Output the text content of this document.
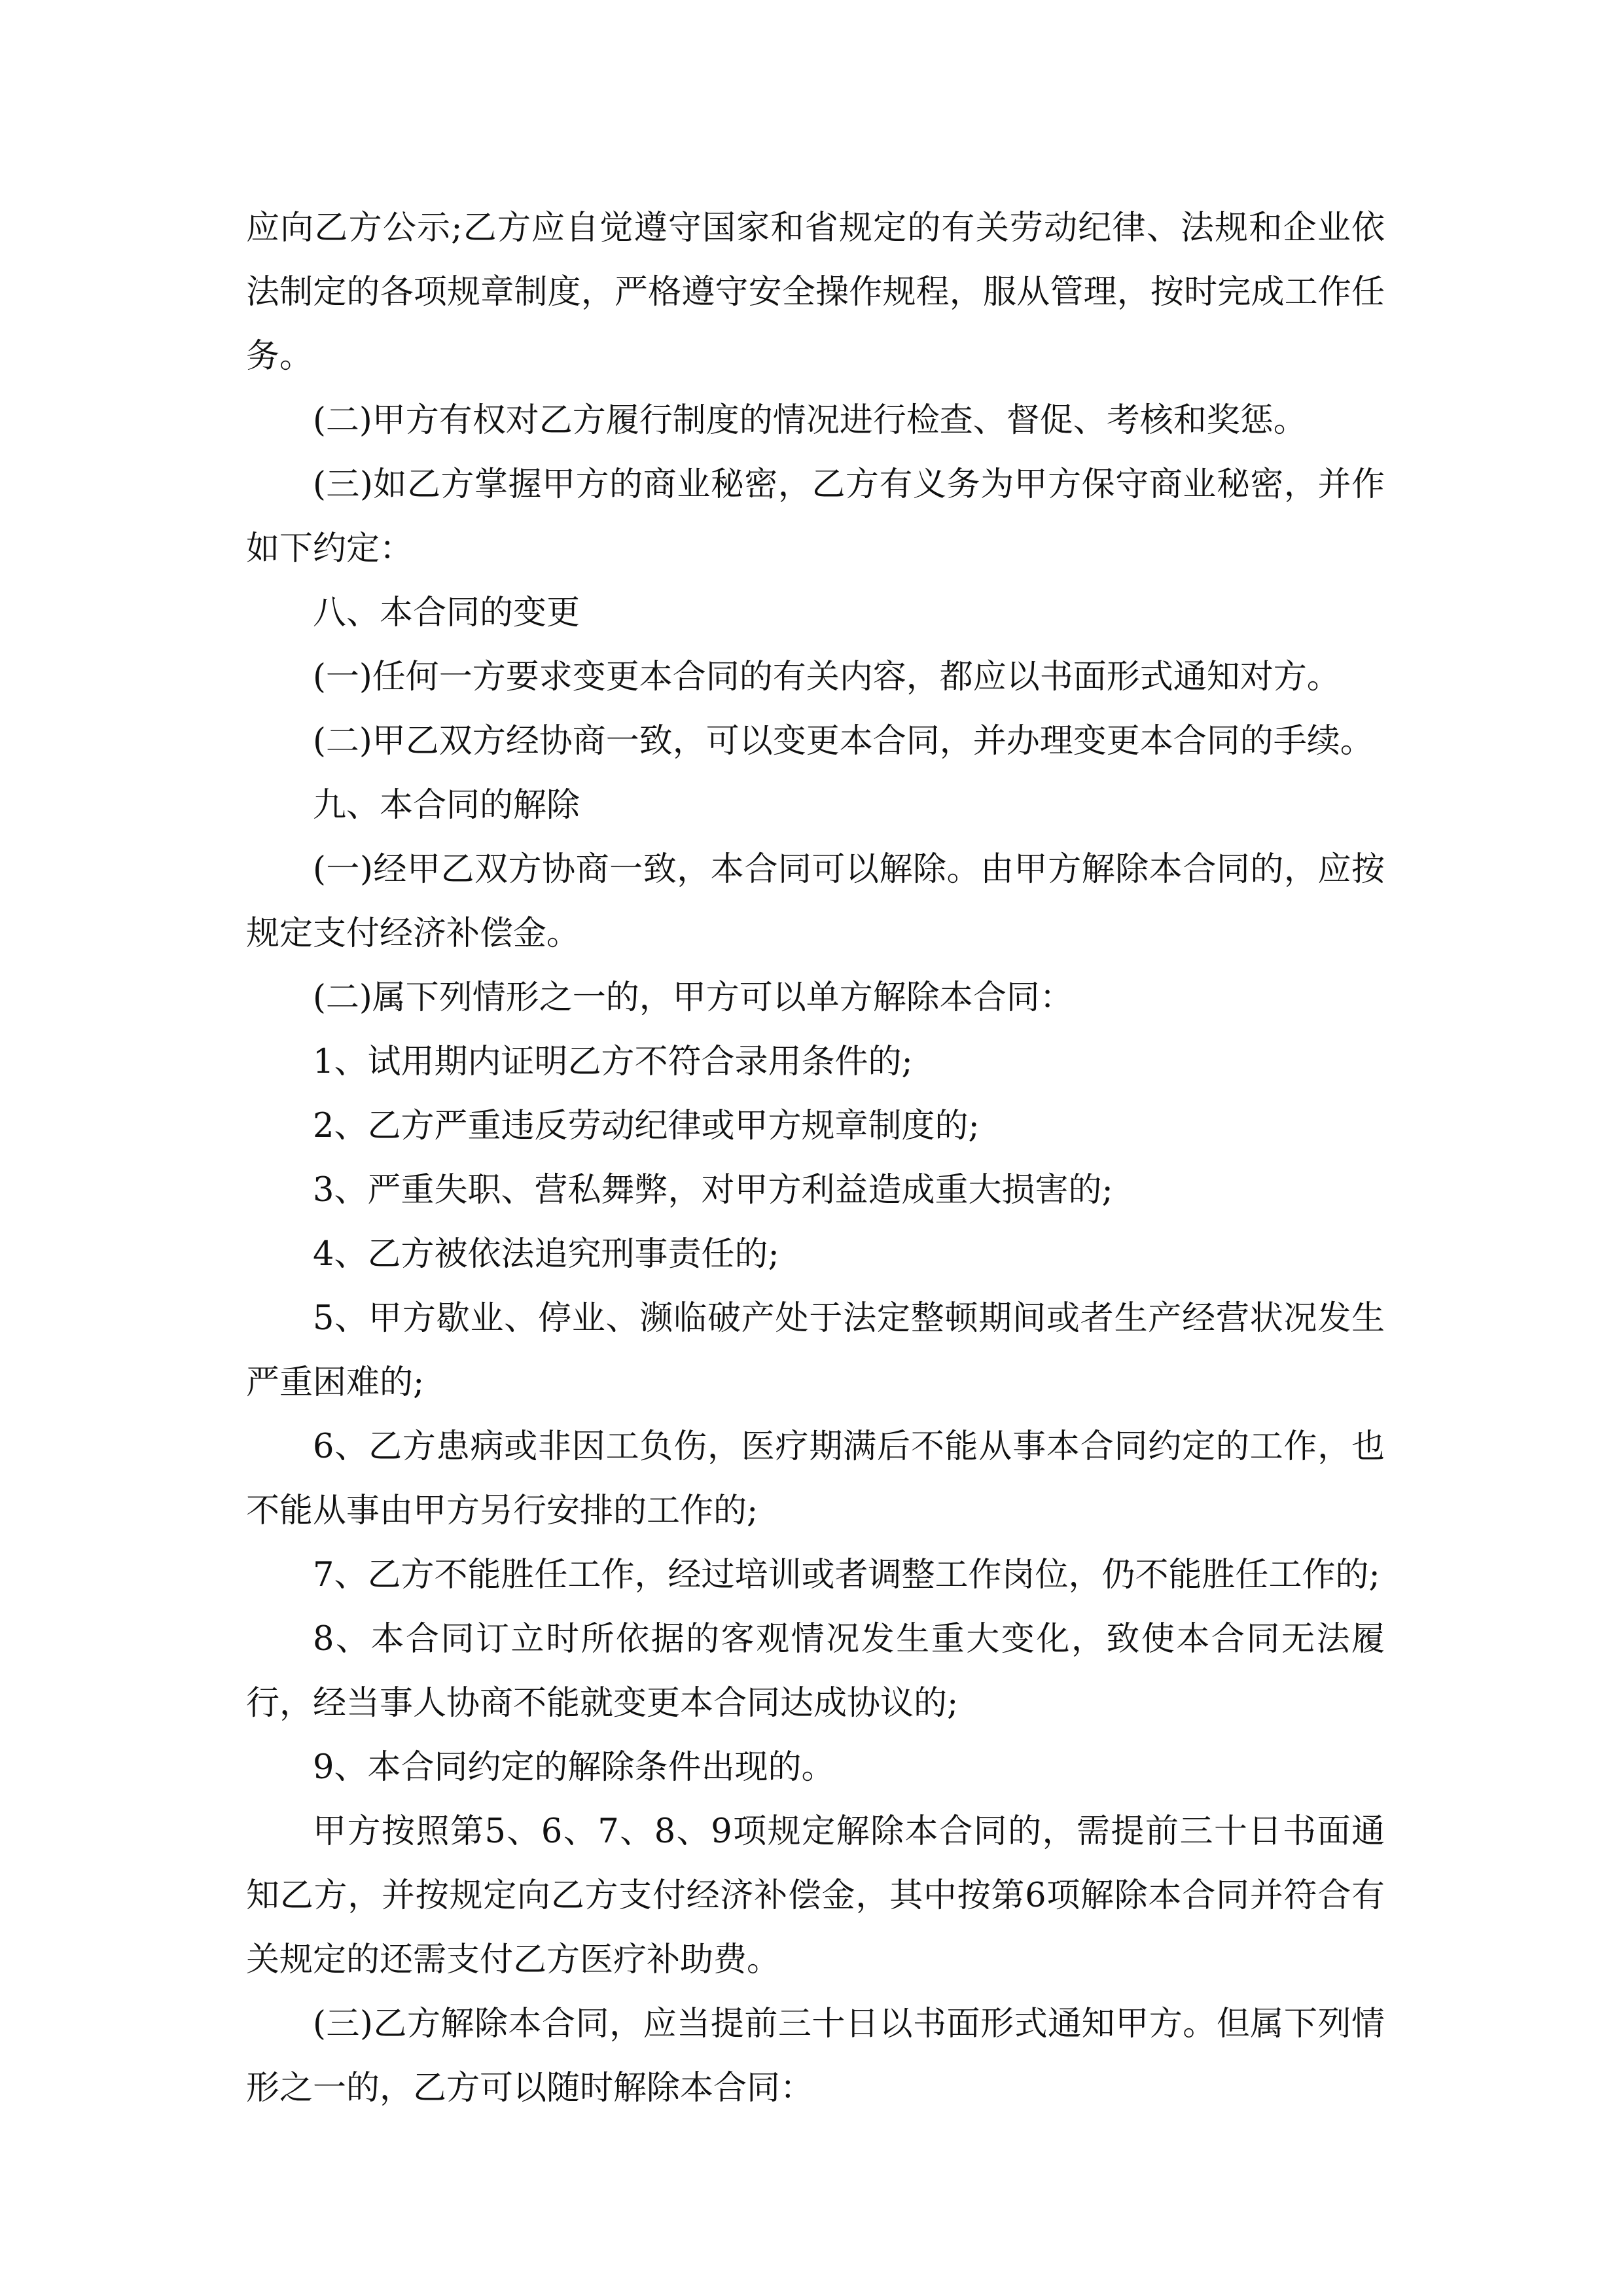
应向乙方公示;乙方应自觉遵守国家和省规定的有关劳动纪律、法规和企业依法制定的各项规章制度，严格遵守安全操作规程，服从管理，按时完成工作任务。

(二)甲方有权对乙方履行制度的情况进行检查、督促、考核和奖惩。

(三)如乙方掌握甲方的商业秘密，乙方有义务为甲方保守商业秘密，并作如下约定：

八、本合同的变更

(一)任何一方要求变更本合同的有关内容，都应以书面形式通知对方。

(二)甲乙双方经协商一致，可以变更本合同，并办理变更本合同的手续。

九、本合同的解除

(一)经甲乙双方协商一致，本合同可以解除。由甲方解除本合同的，应按规定支付经济补偿金。

(二)属下列情形之一的，甲方可以单方解除本合同：

1、试用期内证明乙方不符合录用条件的;

2、乙方严重违反劳动纪律或甲方规章制度的;

3、严重失职、营私舞弊，对甲方利益造成重大损害的;

4、乙方被依法追究刑事责任的;

5、甲方歇业、停业、濒临破产处于法定整顿期间或者生产经营状况发生严重困难的;

6、乙方患病或非因工负伤，医疗期满后不能从事本合同约定的工作，也不能从事由甲方另行安排的工作的;

7、乙方不能胜任工作，经过培训或者调整工作岗位，仍不能胜任工作的;

8、本合同订立时所依据的客观情况发生重大变化，致使本合同无法履行，经当事人协商不能就变更本合同达成协议的;

9、本合同约定的解除条件出现的。

甲方按照第5、6、7、8、9项规定解除本合同的，需提前三十日书面通知乙方，并按规定向乙方支付经济补偿金，其中按第6项解除本合同并符合有关规定的还需支付乙方医疗补助费。

(三)乙方解除本合同，应当提前三十日以书面形式通知甲方。但属下列情形之一的，乙方可以随时解除本合同：
